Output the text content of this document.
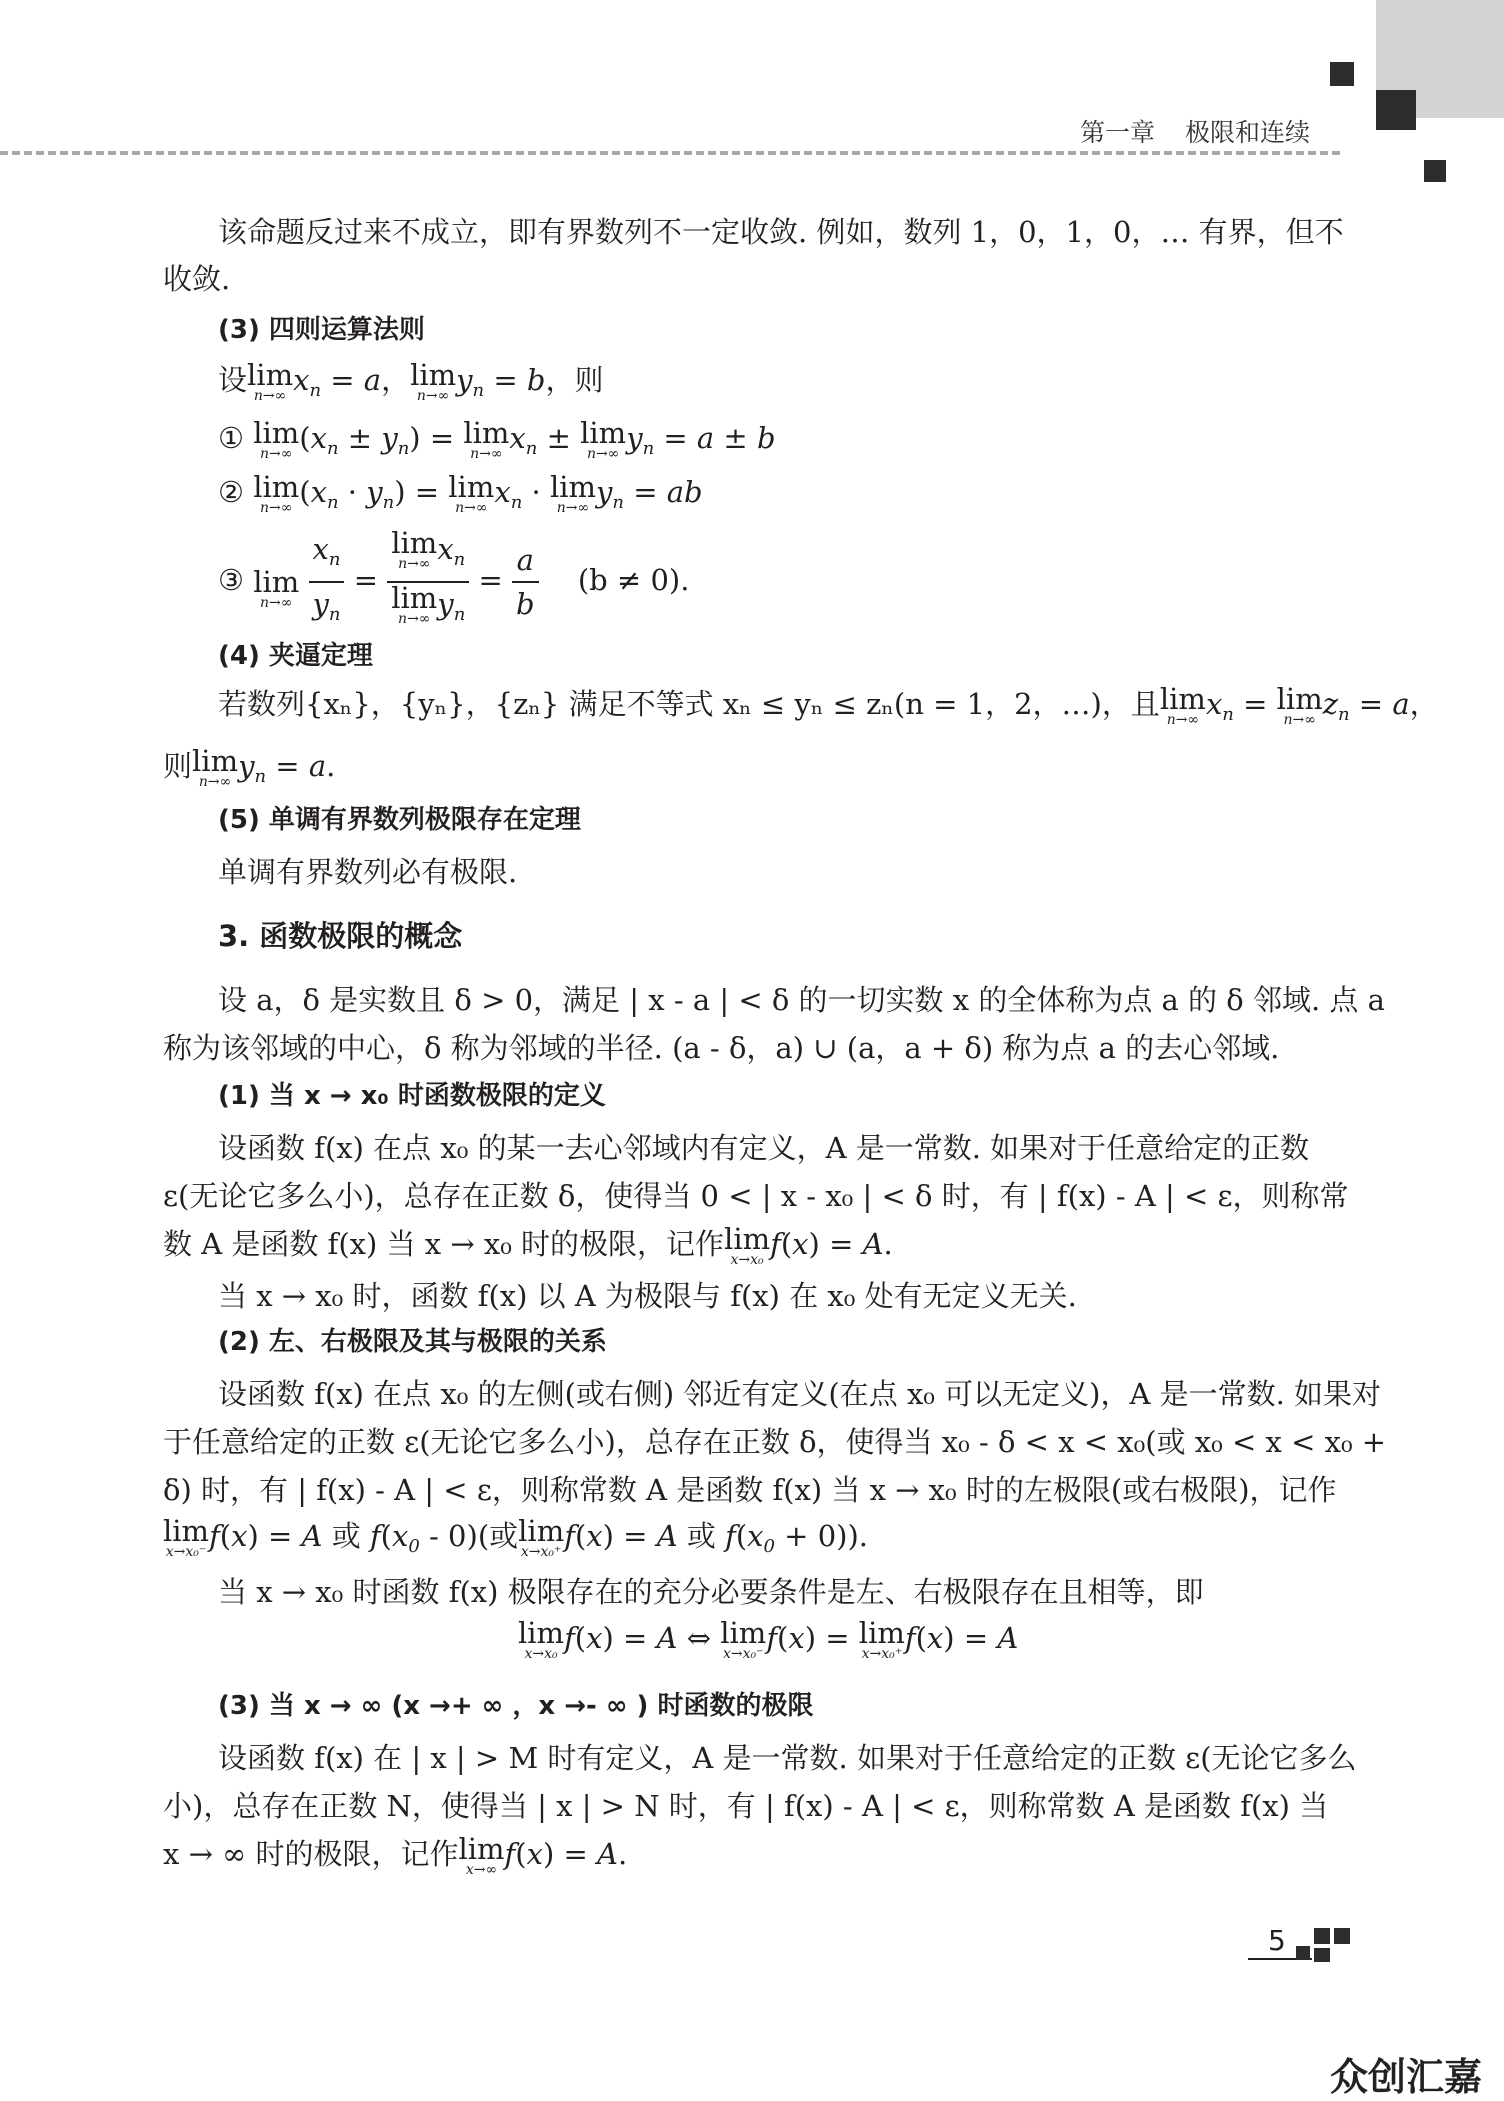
第一章 极限和连续
该命题反过来不成立，即有界数列不一定收敛. 例如，数列 1，0，1，0，… 有界，但不
收敛.
(3) 四则运算法则
设lim
n→∞ $x_n = a$，lim
n→∞ $y_n = b$，则
① lim
n→∞ $(x_n \pm y_n) = \lim$
n→∞ $x_n \pm \lim$
n→∞ $y_n = a \pm b$
② lim
n→∞ $(x_n \cdot y_n) = \lim$
n→∞ $x_n \cdot \lim$
n→∞ $y_n$ = ab
③ lim
n→∞
$\frac{x_n}{y_n} = \lim$
n→∞ $x_n$
lim
n→∞ $y_n = \frac{a}{b} (b \ne 0)$.
(4) 夹逼定理
若数列{xₙ}，{yₙ}，{zₙ} 满足不等式 xₙ ≤ yₙ ≤ zₙ(n = 1，2，…)，且lim
n→∞ $x_n = \lim$
n→∞ $z_n = a$，
则lim
n→∞ $y_n = a$.
(5) 单调有界数列极限存在定理
单调有界数列必有极限.
3. 函数极限的概念
设 a，δ 是实数且 δ > 0，满足 | x - a | < δ 的一切实数 x 的全体称为点 a 的 δ 邻域. 点 a
称为该邻域的中心，δ 称为邻域的半径. (a - δ，a) ∪ (a，a + δ) 称为点 a 的去心邻域.
(1) 当 x → x₀ 时函数极限的定义
设函数 f(x) 在点 x₀ 的某一去心邻域内有定义，A 是一常数. 如果对于任意给定的正数
ε(无论它多么小)，总存在正数 δ，使得当 0 < | x - x₀ | < δ 时，有 | f(x) - A | < ε，则称常
数 A 是函数 f(x) 当 x → x₀ 时的极限，记作lim
x→x₀ f(x) = A.
当 x → x₀ 时，函数 f(x) 以 A 为极限与 f(x) 在 x₀ 处有无定义无关.
(2) 左、右极限及其与极限的关系
设函数 f(x) 在点 x₀ 的左侧(或右侧) 邻近有定义(在点 x₀ 可以无定义)，A 是一常数. 如果对
于任意给定的正数 ε(无论它多么小)，总存在正数 δ，使得当 x₀ - δ < x < x₀(或 x₀ < x < x₀ +
δ) 时，有 | f(x) - A | < ε，则称常数 A 是函数 f(x) 当 x → x₀ 时的左极限(或右极限)，记作
lim
x→x₀⁻ f(x) = A 或 $f(x_0 - 0)$(或lim
x→x₀⁺ f(x) = A 或 $f(x_0 + 0)$).
当 x → x₀ 时函数 f(x) 极限存在的充分必要条件是左、右极限存在且相等，即
lim
x→x₀ f(x) = A ⇔ lim
x→x₀⁻ f(x) = lim
x→x₀⁺ f(x) = A
(3) 当 x → ∞ (x →+ ∞ ，x →- ∞ ) 时函数的极限
设函数 f(x) 在 | x | > M 时有定义，A 是一常数. 如果对于任意给定的正数 ε(无论它多么
小)，总存在正数 N，使得当 | x | > N 时，有 | f(x) - A | < ε，则称常数 A 是函数 f(x) 当
x → ∞ 时的极限，记作lim
x→∞ f(x) = A.
5
众创汇嘉
